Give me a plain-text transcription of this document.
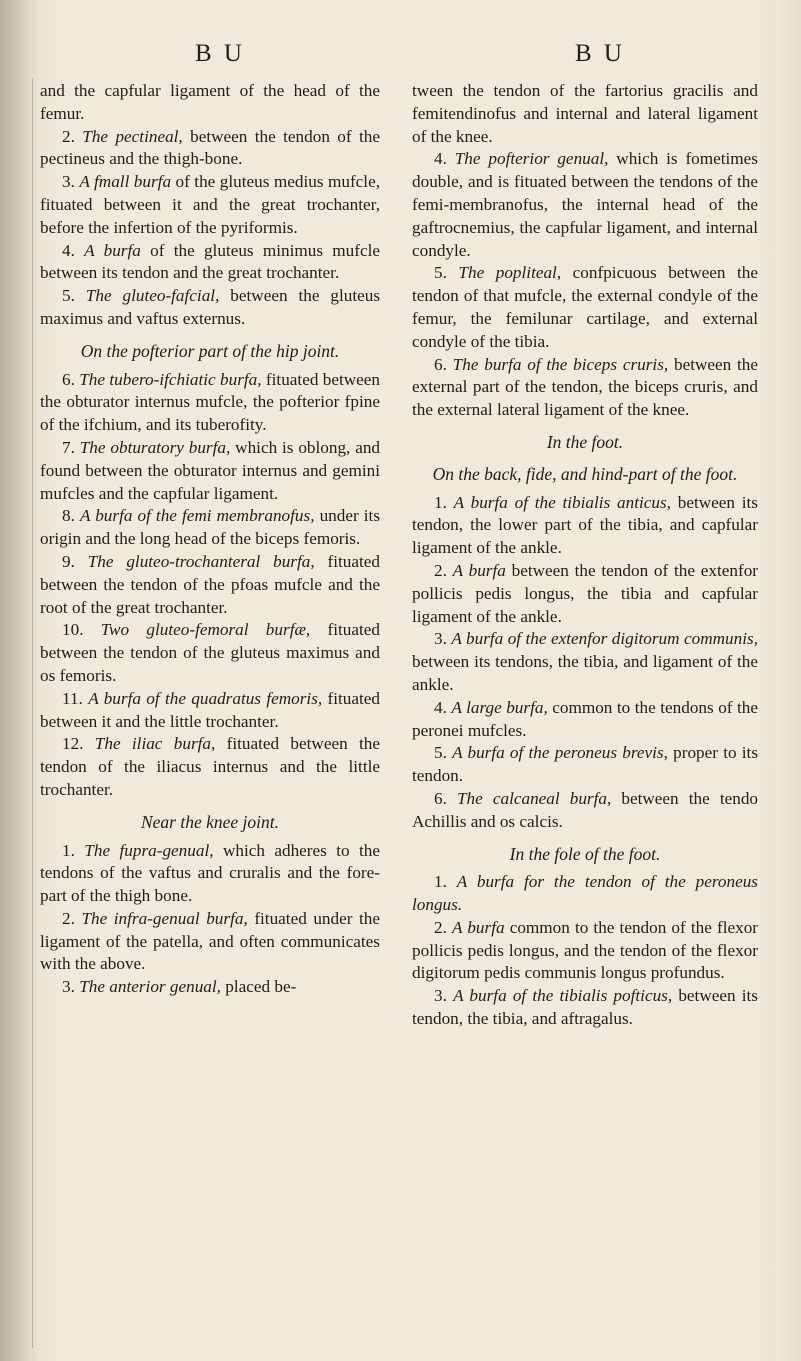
B U	B U

and the capfular ligament of the head of the femur.

2. The pectineal, between the tendon of the pectineus and the thigh-bone.

3. A fmall burfa of the gluteus medius mufcle, fituated between it and the great trochanter, before the infertion of the pyriformis.

4. A burfa of the gluteus minimus mufcle between its tendon and the great trochanter.

5. The gluteo-fafcial, between the gluteus maximus and vaftus externus.

On the pofterior part of the hip joint.

6. The tubero-ifchiatic burfa, fituated between the obturator internus mufcle, the pofterior fpine of the ifchium, and its tuberofity.

7. The obturatory burfa, which is oblong, and found between the obturator internus and gemini mufcles and the capfular ligament.

8. A burfa of the femi membranofus, under its origin and the long head of the biceps femoris.

9. The gluteo-trochanteral burfa, fituated between the tendon of the pfoas mufcle and the root of the great trochanter.

10. Two gluteo-femoral burfæ, fituated between the tendon of the gluteus maximus and os femoris.

11. A burfa of the quadratus femoris, fituated between it and the little trochanter.

12. The iliac burfa, fituated between the tendon of the iliacus internus and the little trochanter.

Near the knee joint.

1. The fupra-genual, which adheres to the tendons of the vaftus and cruralis and the fore-part of the thigh bone.

2. The infra-genual burfa, fituated under the ligament of the patella, and often communicates with the above.

3. The anterior genual, placed be-

tween the tendon of the fartorius gracilis and femitendinofus and internal and lateral ligament of the knee.

4. The pofterior genual, which is fometimes double, and is fituated between the tendons of the femi-membranofus, the internal head of the gaftrocnemius, the capfular ligament, and internal condyle.

5. The popliteal, confpicuous between the tendon of that mufcle, the external condyle of the femur, the femilunar cartilage, and external condyle of the tibia.

6. The burfa of the biceps cruris, between the external part of the tendon, the biceps cruris, and the external lateral ligament of the knee.

In the foot.
On the back, fide, and hind-part of the foot.

1. A burfa of the tibialis anticus, between its tendon, the lower part of the tibia, and capfular ligament of the ankle.

2. A burfa between the tendon of the extenfor pollicis pedis longus, the tibia and capfular ligament of the ankle.

3. A burfa of the extenfor digitorum communis, between its tendons, the tibia, and ligament of the ankle.

4. A large burfa, common to the tendons of the peronei mufcles.

5. A burfa of the peroneus brevis, proper to its tendon.

6. The calcaneal burfa, between the tendo Achillis and os calcis.

In the fole of the foot.

1. A burfa for the tendon of the peroneus longus.

2. A burfa common to the tendon of the flexor pollicis pedis longus, and the tendon of the flexor digitorum pedis communis longus profundus.

3. A burfa of the tibialis pofticus, between its tendon, the tibia, and aftragalus.
